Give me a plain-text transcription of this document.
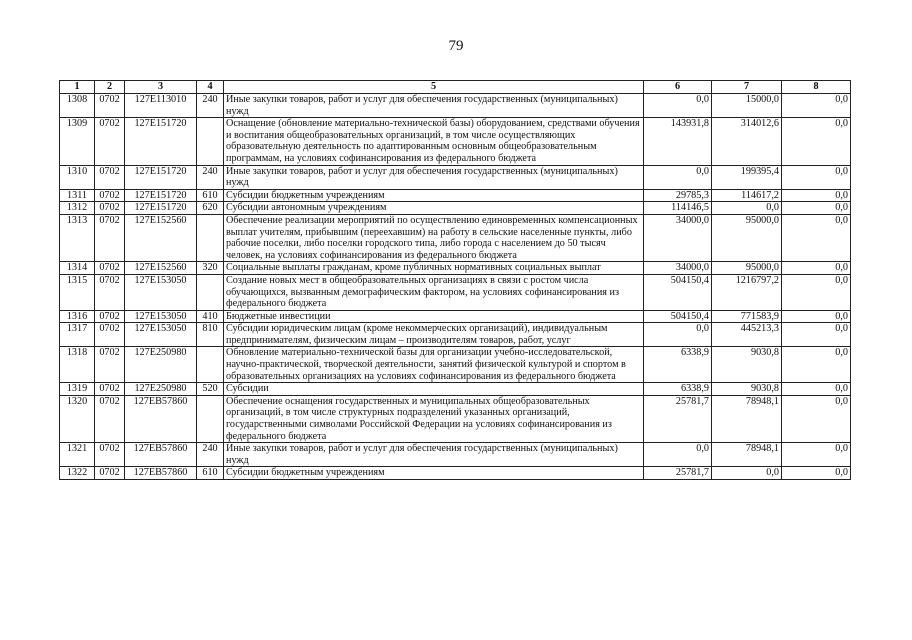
79
1	2	3	4	5	6	7	8
1308	0702	127E113010	240	Иные закупки товаров, работ и услуг для обеспечения государственных (муниципальных) нужд	0,0	15000,0	0,0
1309	0702	127E151720		Оснащение (обновление материально-технической базы) оборудованием, средствами обучения и воспитания общеобразовательных организаций, в том числе осуществляющих образовательную деятельность по адаптированным основным общеобразовательным программам, на условиях софинансирования из федерального бюджета	143931,8	314012,6	0,0
1310	0702	127E151720	240	Иные закупки товаров, работ и услуг для обеспечения государственных (муниципальных) нужд	0,0	199395,4	0,0
1311	0702	127E151720	610	Субсидии бюджетным учреждениям	29785,3	114617,2	0,0
1312	0702	127E151720	620	Субсидии автономным учреждениям	114146,5	0,0	0,0
1313	0702	127E152560		Обеспечение реализации мероприятий по осуществлению единовременных компенсационных выплат учителям, прибывшим (переехавшим) на работу в сельские населенные пункты, либо рабочие поселки, либо поселки городского типа, либо города с населением до 50 тысяч человек, на условиях софинансирования из федерального бюджета	34000,0	95000,0	0,0
1314	0702	127E152560	320	Социальные выплаты гражданам, кроме публичных нормативных социальных выплат	34000,0	95000,0	0,0
1315	0702	127E153050		Создание новых мест в общеобразовательных организациях в связи с ростом числа обучающихся, вызванным демографическим фактором, на условиях софинансирования из федерального бюджета	504150,4	1216797,2	0,0
1316	0702	127E153050	410	Бюджетные инвестиции	504150,4	771583,9	0,0
1317	0702	127E153050	810	Субсидии юридическим лицам (кроме некоммерческих организаций), индивидуальным предпринимателям, физическим лицам – производителям товаров, работ, услуг	0,0	445213,3	0,0
1318	0702	127E250980		Обновление материально-технической базы для организации учебно-исследовательской, научно-практической, творческой деятельности, занятий физической культурой и спортом в образовательных организациях на условиях софинансирования из федерального бюджета	6338,9	9030,8	0,0
1319	0702	127E250980	520	Субсидии	6338,9	9030,8	0,0
1320	0702	127EB57860		Обеспечение оснащения государственных и муниципальных общеобразовательных организаций, в том числе структурных подразделений указанных организаций, государственными символами Российской Федерации на условиях софинансирования из федерального бюджета	25781,7	78948,1	0,0
1321	0702	127EB57860	240	Иные закупки товаров, работ и услуг для обеспечения государственных (муниципальных) нужд	0,0	78948,1	0,0
1322	0702	127EB57860	610	Субсидии бюджетным учреждениям	25781,7	0,0	0,0
